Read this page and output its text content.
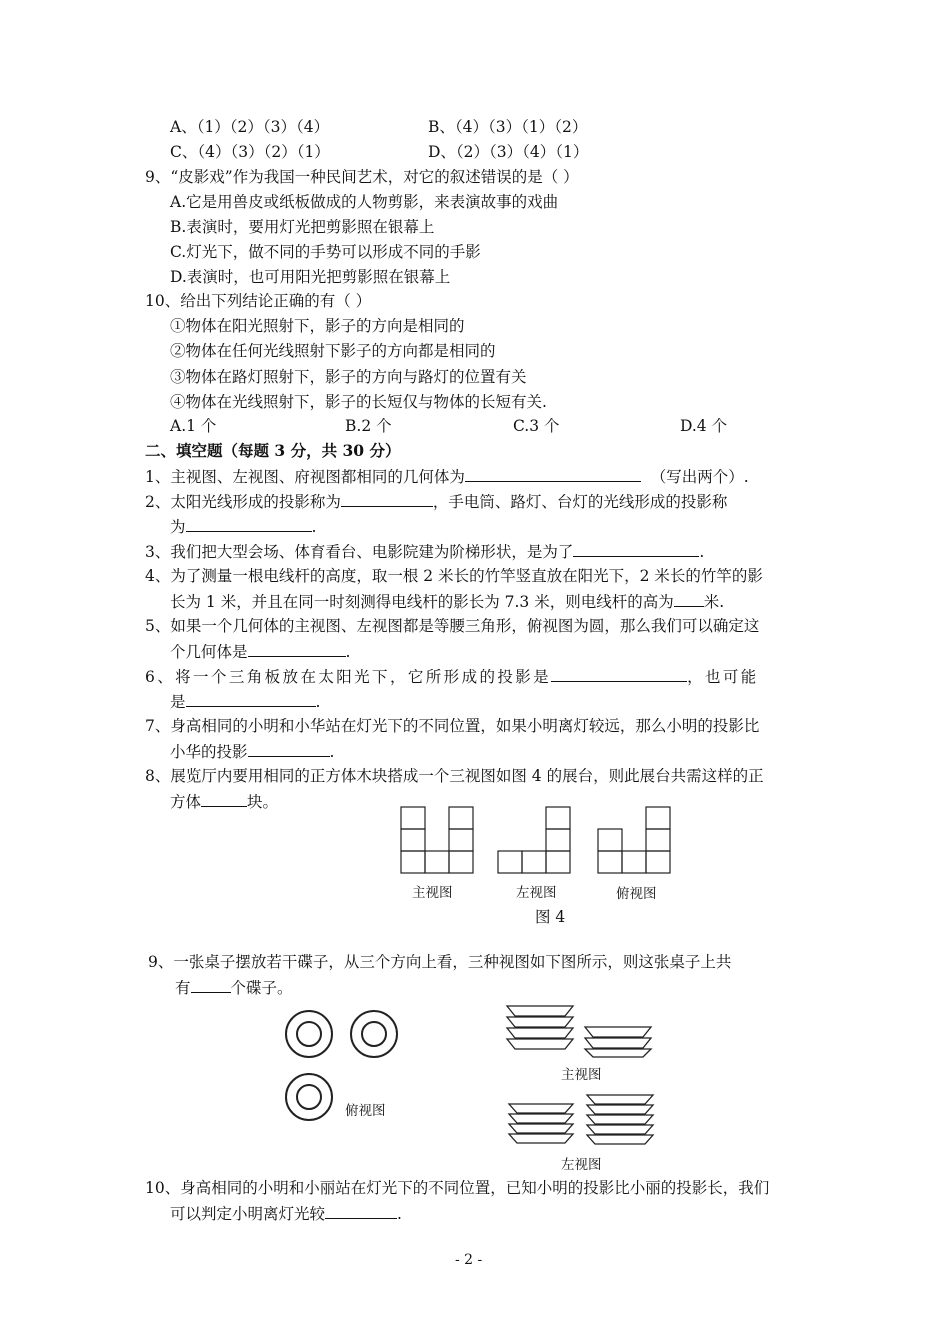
A、（1）（2）（3）（4）	B、（4）（3）（1）（2）
C、（4）（3）（2）（1）	D、（2）（3）（4）（1）
9、“皮影戏”作为我国一种民间艺术，对它的叙述错误的是（ ）
A.它是用兽皮或纸板做成的人物剪影，来表演故事的戏曲
B.表演时，要用灯光把剪影照在银幕上
C.灯光下，做不同的手势可以形成不同的手影
D.表演时，也可用阳光把剪影照在银幕上
10、给出下列结论正确的有（ ）
①物体在阳光照射下，影子的方向是相同的
②物体在任何光线照射下影子的方向都是相同的
③物体在路灯照射下，影子的方向与路灯的位置有关
④物体在光线照射下，影子的长短仅与物体的长短有关.
A.1 个	B.2 个	C.3 个	D.4 个
二、填空题（每题 3 分，共 30 分）
1、主视图、左视图、府视图都相同的几何体为	（写出两个）.
2、太阳光线形成的投影称为	，手电筒、路灯、台灯的光线形成的投影称
为	.
3、我们把大型会场、体育看台、电影院建为阶梯形状，是为了	.
4、为了测量一根电线杆的高度，取一根 2 米长的竹竿竖直放在阳光下，2 米长的竹竿的影
长为 1 米，并且在同一时刻测得电线杆的影长为 7.3 米，则电线杆的高为 米.
5、如果一个几何体的主视图、左视图都是等腰三角形，俯视图为圆，那么我们可以确定这
个几何体是	.
6、将一个三角板放在太阳光下，它所形成的投影是	，也可能
是	.
7、身高相同的小明和小华站在灯光下的不同位置，如果小明离灯较远，那么小明的投影比
小华的投影	.
8、展览厅内要用相同的正方体木块搭成一个三视图如图 4 的展台，则此展台共需这样的正
方体	块。
主视图	左视图	俯视图
图 4
9、一张桌子摆放若干碟子，从三个方向上看，三种视图如下图所示，则这张桌子上共
有	个碟子。
俯视图
主视图
左视图
10、身高相同的小明和小丽站在灯光下的不同位置，已知小明的投影比小丽的投影长，我们
可以判定小明离灯光较	.
- 2 -
